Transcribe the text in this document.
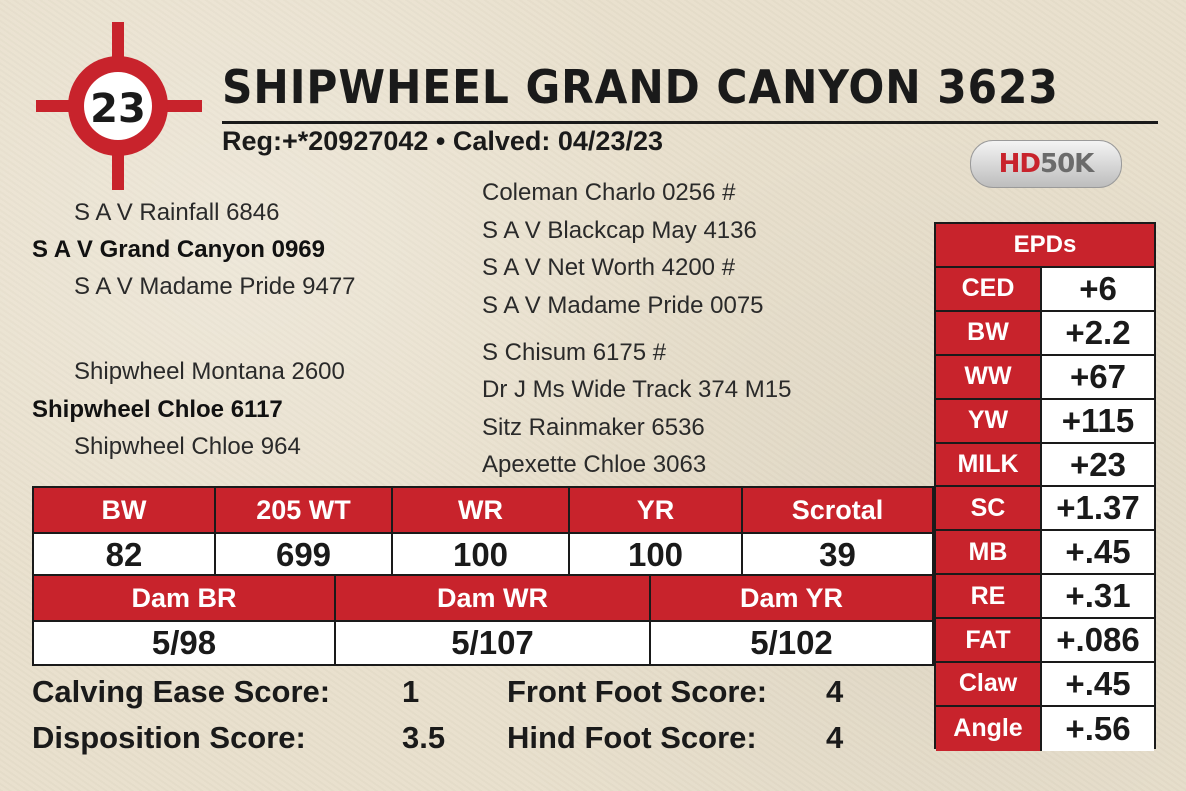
23 SHIPWHEEL GRAND CANYON 3623
Reg:+*20927042 • Calved: 04/23/23
HD 50K
S A V Rainfall 6846
S A V Grand Canyon 0969
S A V Madame Pride 9477
Shipwheel Montana 2600
Shipwheel Chloe 6117
Shipwheel Chloe 964
Coleman Charlo 0256 #
S A V Blackcap May 4136
S A V Net Worth 4200 #
S A V Madame Pride 0075
S Chisum 6175 #
Dr J Ms Wide Track 374 M15
Sitz Rainmaker 6536
Apexette Chloe 3063
EPDs
CED	+6
BW	+2.2
WW	+67
YW	+115
MILK	+23
SC	+1.37
MB	+.45
RE	+.31
FAT	+.086
Claw	+.45
Angle	+.56
BW	205 WT	WR	YR	Scrotal
82	699	100	100	39
Dam BR	Dam WR	Dam YR
5/98	5/107	5/102
Calving Ease Score: 1
Disposition Score:	3.5
Front Foot Score: 4
Hind Foot Score: 4
